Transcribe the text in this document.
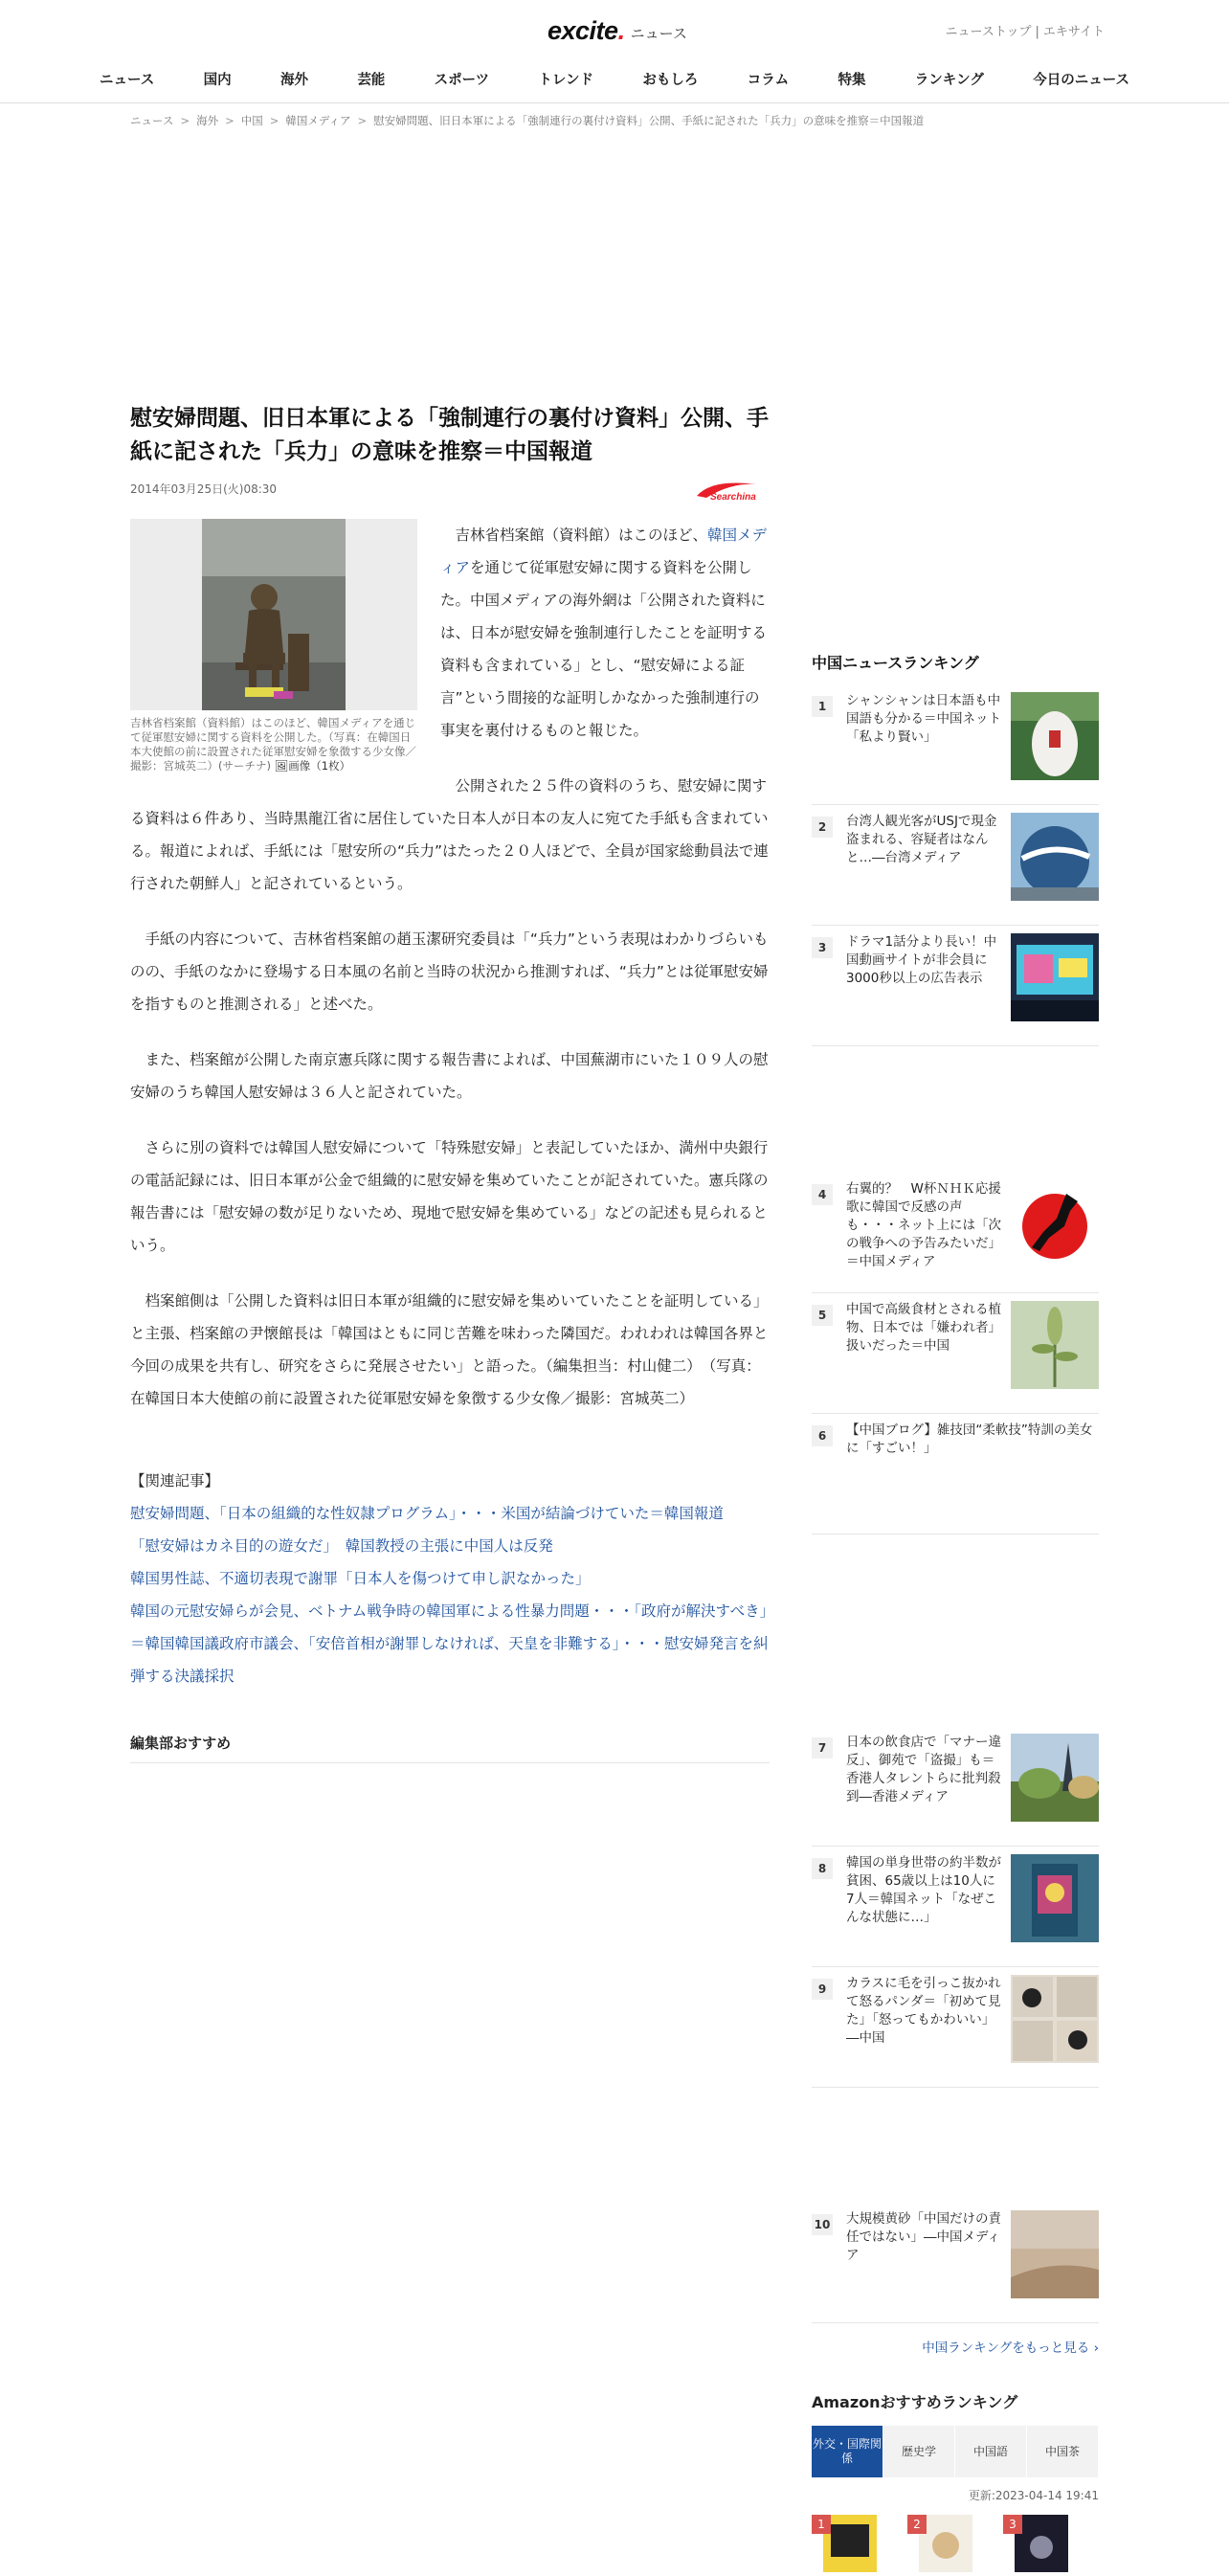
excite. ニュース	ニューストップ | エキサイト
ニュース	国内	海外	芸能	スポーツ	トレンド	おもしろ	コラム	特集	ランキング	今日のニュース
ニュース > 海外 > 中国 > 韓国メディア > 慰安婦問題、旧日本軍による「強制連行の裏付け資料」公開、手紙に記された「兵力」の意味を推察＝中国報道
慰安婦問題、旧日本軍による「強制連行の裏付け資料」公開、手紙に記された「兵力」の意味を推察＝中国報道
2014年03月25日(火)08:30
Searchina
吉林省档案館（資料館）はこのほど、韓国メディアを通じて従軍慰安婦に関する資料を公開した。（写真：在韓国日本大使館の前に設置された従軍慰安婦を象徴する少女像／撮影：宮城英二）(サーチナ) 🖼画像（1枚）

吉林省档案館（資料館）はこのほど、韓国メディアを通じて従軍慰安婦に関する資料を公開した。中国メディアの海外網は「公開された資料には、日本が慰安婦を強制連行したことを証明する資料も含まれている」とし、“慰安婦による証言”という間接的な証明しかなかった強制連行の事実を裏付けるものと報じた。

公開された２５件の資料のうち、慰安婦に関する資料は６件あり、当時黒龍江省に居住していた日本人が日本の友人に宛てた手紙も含まれている。報道によれば、手紙には「慰安所の“兵力”はたった２０人ほどで、全員が国家総動員法で連行された朝鮮人」と記されているという。

手紙の内容について、吉林省档案館の趙玉潔研究委員は「“兵力”という表現はわかりづらいものの、手紙のなかに登場する日本風の名前と当時の状況から推測すれば、“兵力”とは従軍慰安婦を指すものと推測される」と述べた。

また、档案館が公開した南京憲兵隊に関する報告書によれば、中国蕪湖市にいた１０９人の慰安婦のうち韓国人慰安婦は３６人と記されていた。

さらに別の資料では韓国人慰安婦について「特殊慰安婦」と表記していたほか、満州中央銀行の電話記録には、旧日本軍が公金で組織的に慰安婦を集めていたことが記されていた。憲兵隊の報告書には「慰安婦の数が足りないため、現地で慰安婦を集めている」などの記述も見られるという。

档案館側は「公開した資料は旧日本軍が組織的に慰安婦を集めいていたことを証明している」と主張、档案館の尹懐館長は「韓国はともに同じ苦難を味わった隣国だ。われわれは韓国各界と今回の成果を共有し、研究をさらに発展させたい」と語った。（編集担当：村山健二）　（写真：在韓国日本大使館の前に設置された従軍慰安婦を象徴する少女像／撮影：宮城英二）

【関連記事】
慰安婦問題、「日本の組織的な性奴隷プログラム」・・・米国が結論づけていた＝韓国報道
「慰安婦はカネ目的の遊女だ」　韓国教授の主張に中国人は反発
韓国男性誌、不適切表現で謝罪「日本人を傷つけて申し訳なかった」
韓国の元慰安婦らが会見、ベトナム戦争時の韓国軍による性暴力問題・・・「政府が解決すべき」＝韓国韓国議政府市議会、「安倍首相が謝罪しなければ、天皇を非難する」・・・慰安婦発言を糾弾する決議採択
編集部おすすめ
中国ニュースランキング
1	シャンシャンは日本語も中国語も分かる＝中国ネット「私より賢い」
2	台湾人観光客がUSJで現金盗まれる、容疑者はなんと…―台湾メディア
3	ドラマ1話分より長い！中国動画サイトが非会員に3000秒以上の広告表示
4	右翼的？　W杯ＮＨＫ応援歌に韓国で反感の声も・・・ネット上には「次の戦争への予告みたいだ」＝中国メディア
5	中国で高級食材とされる植物、日本では「嫌われ者」扱いだった＝中国
6	【中国ブログ】雑技団“柔軟技”特訓の美女に「すごい！」
7	日本の飲食店で「マナー違反」、御苑で「盗撮」も＝香港人タレントらに批判殺到―香港メディア
8	韓国の単身世帯の約半数が貧困、65歳以上は10人に7人＝韓国ネット「なぜこんな状態に…」
9	カラスに毛を引っこ抜かれて怒るパンダ＝「初めて見た」「怒ってもかわいい」―中国
10 大規模黄砂「中国だけの責任ではない」―中国メディア
中国ランキングをもっと見る ›
Amazonおすすめランキング
外交・国際関係
歴史学	中国語	中国茶
更新:2023-04-14 19:41
1	2	3
